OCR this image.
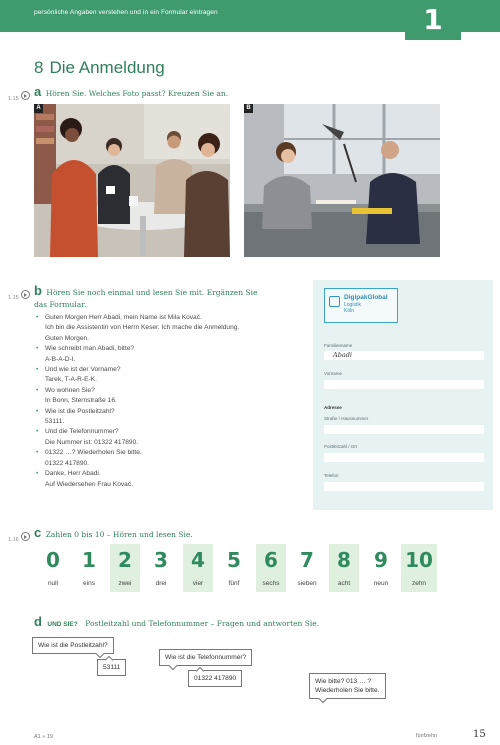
persönliche Angaben verstehen und in ein Formular eintragen	1
8 Die Anmeldung
1.15	a Hören Sie. Welches Foto passt? Kreuzen Sie an.
A	B
1.15	b Hören Sie noch einmal und lesen Sie mit. Ergänzen Sie
das Formular.
• Guten Morgen Herr Abadi, mein Name ist Mila Kovač.
Ich bin die Assistentin von Herrn Keser. Ich mache die Anmeldung.
Guten Morgen.
• Wie schreibt man Abadi, bitte?
A-B-A-D-I.
• Und wie ist der Vorname?
Tarek, T-A-R-E-K.
• Wo wohnen Sie?
In Bonn, Sternstraße 16.
• Wie ist die Postleitzahl?
53111.
• Und die Telefonnummer?
Die Nummer ist: 01322 417890.
• 01322 …? Wiederholen Sie bitte.
01322 417890.
• Danke, Herr Abadi.
Auf Wiedersehen Frau Kovač.
DigipakGlobal
Logistik
Köln
Familienname
Abadi
Vorname
Adresse
Straße / Hausnummer
Postleitzahl / Ort
Telefon
1.16	c Zahlen 0 bis 10 – Hören und lesen Sie.
0
null
1
eins
2
zwei
3
drei
4
vier
5
fünf
6
sechs
7
sieben
8
acht
9
neun
10
zehn
d UND SIE? Postleitzahl und Telefonnummer – Fragen und antworten Sie.
Wie ist die Postleitzahl?
53111
Wie ist die Telefonnummer?
01322 417890	Wie bitte? 013 … ?
Wiederholen Sie bitte.
A1 » 19	fünfzehn	15
